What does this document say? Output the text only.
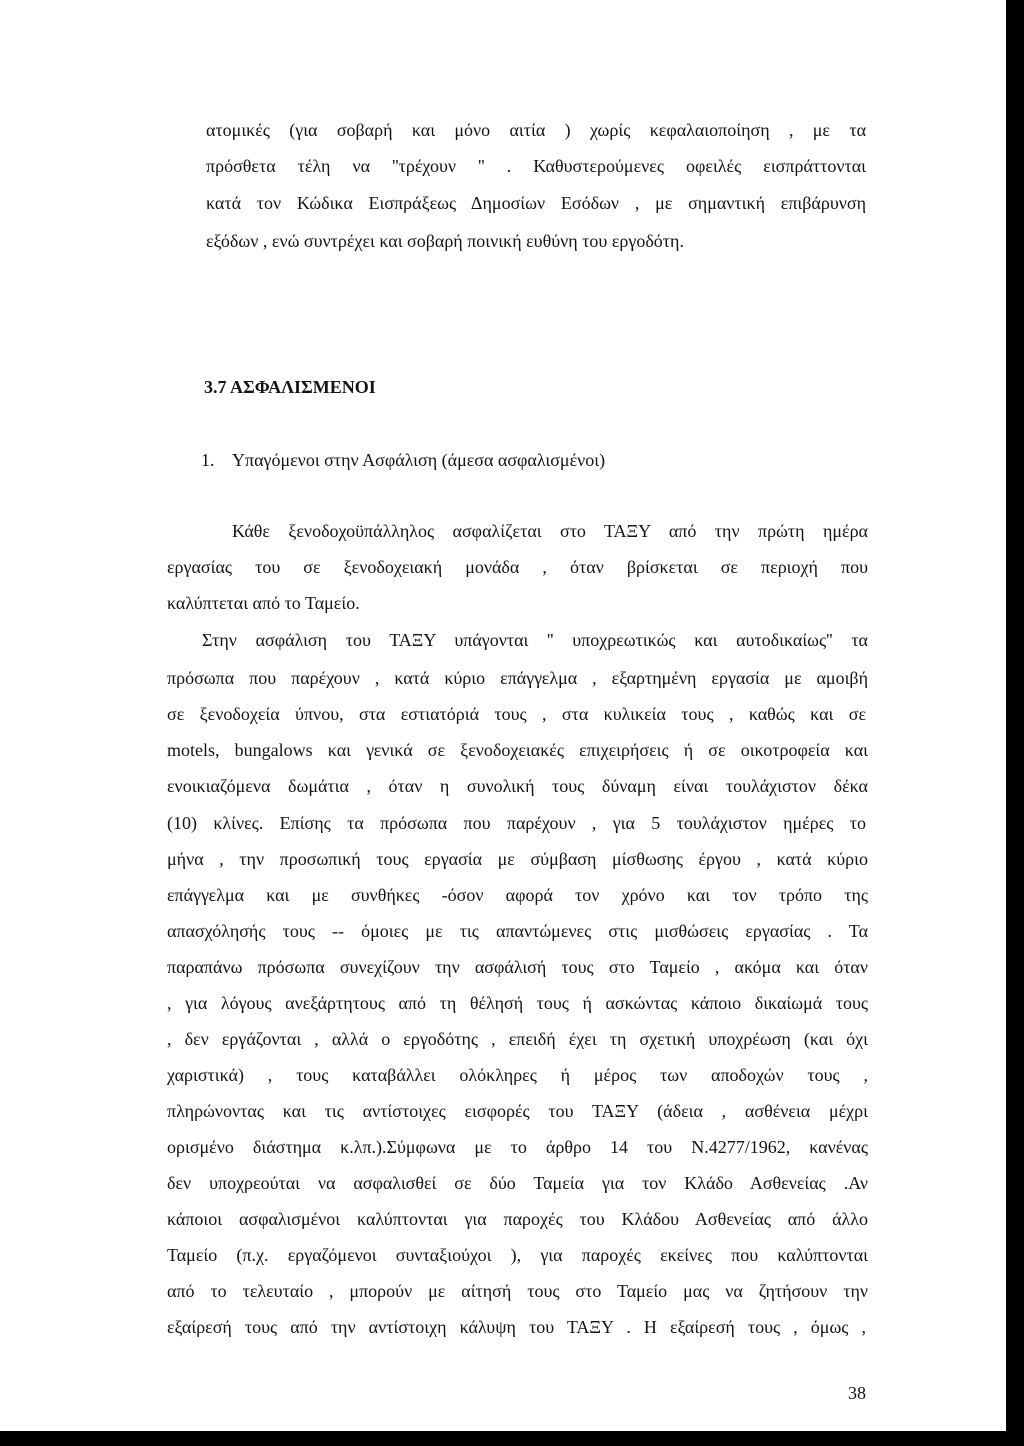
ατομικές (για σοβαρή και μόνο αιτία ) χωρίς κεφαλαιοποίηση , με τα
πρόσθετα τέλη να ''τρέχουν '' . Καθυστερούμενες οφειλές εισπράττονται
κατά τον Κώδικα Εισπράξεως Δημοσίων Εσόδων , με σημαντική επιβάρυνση
εξόδων , ενώ συντρέχει και σοβαρή ποινική ευθύνη του εργοδότη.
3.7 ΑΣΦΑΛΙΣΜΕΝΟΙ
1. Υπαγόμενοι στην Ασφάλιση (άμεσα ασφαλισμένοι)
Κάθε ξενοδοχοϋπάλληλος ασφαλίζεται στο ΤΑΞΥ από την πρώτη ημέρα
εργασίας του σε ξενοδοχειακή μονάδα , όταν βρίσκεται σε περιοχή που
καλύπτεται από το Ταμείο.
Στην ασφάλιση του ΤΑΞΥ υπάγονται '' υποχρεωτικώς και αυτοδικαίως'' τα
πρόσωπα που παρέχουν , κατά κύριο επάγγελμα , εξαρτημένη εργασία με αμοιβή
σε ξενοδοχεία ύπνου, στα εστιατόριά τους , στα κυλικεία τους , καθώς και σε
motels, bungalows και γενικά σε ξενοδοχειακές επιχειρήσεις ή σε οικοτροφεία και
ενοικιαζόμενα δωμάτια , όταν η συνολική τους δύναμη είναι τουλάχιστον δέκα
(10) κλίνες. Επίσης τα πρόσωπα που παρέχουν , για 5 τουλάχιστον ημέρες το
μήνα , την προσωπική τους εργασία με σύμβαση μίσθωσης έργου , κατά κύριο
επάγγελμα και με συνθήκες -όσον αφορά τον χρόνο και τον τρόπο της
απασχόλησής τους -- όμοιες με τις απαντώμενες στις μισθώσεις εργασίας . Τα
παραπάνω πρόσωπα συνεχίζουν την ασφάλισή τους στο Ταμείο , ακόμα και όταν
, για λόγους ανεξάρτητους από τη θέλησή τους ή ασκώντας κάποιο δικαίωμά τους
, δεν εργάζονται , αλλά ο εργοδότης , επειδή έχει τη σχετική υποχρέωση (και όχι
χαριστικά) , τους καταβάλλει ολόκληρες ή μέρος των αποδοχών τους ,
πληρώνοντας και τις αντίστοιχες εισφορές του ΤΑΞΥ (άδεια , ασθένεια μέχρι
ορισμένο διάστημα κ.λπ.).Σύμφωνα με το άρθρο 14 του Ν.4277/1962, κανένας
δεν υποχρεούται να ασφαλισθεί σε δύο Ταμεία για τον Κλάδο Ασθενείας .Αν
κάποιοι ασφαλισμένοι καλύπτονται για παροχές του Κλάδου Ασθενείας από άλλο
Ταμείο (π.χ. εργαζόμενοι συνταξιούχοι ), για παροχές εκείνες που καλύπτονται
από το τελευταίο , μπορούν με αίτησή τους στο Ταμείο μας να ζητήσουν την
εξαίρεσή τους από την αντίστοιχη κάλυψη του ΤΑΞΥ . Η εξαίρεσή τους , όμως ,
38
